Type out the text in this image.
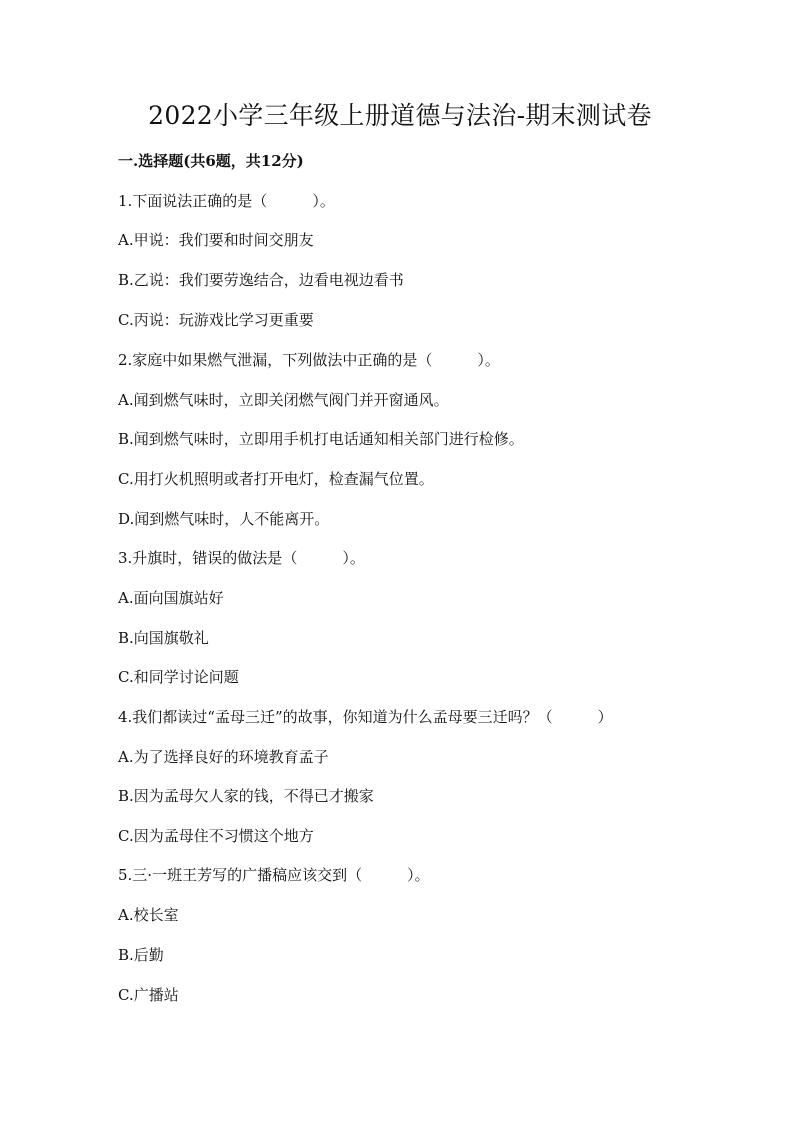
2022小学三年级上册道德与法治-期末测试卷
一.选择题(共6题，共12分)
1.下面说法正确的是（　　　）。
A.甲说：我们要和时间交朋友
B.乙说：我们要劳逸结合，边看电视边看书
C.丙说：玩游戏比学习更重要
2.家庭中如果燃气泄漏，下列做法中正确的是（　　　）。
A.闻到燃气味时，立即关闭燃气阀门并开窗通风。
B.闻到燃气味时，立即用手机打电话通知相关部门进行检修。
C.用打火机照明或者打开电灯，检查漏气位置。
D.闻到燃气味时，人不能离开。
3.升旗时，错误的做法是（　　　）。
A.面向国旗站好
B.向国旗敬礼
C.和同学讨论问题
4.我们都读过“孟母三迁”的故事，你知道为什么孟母要三迁吗？（　　　）
A.为了选择良好的环境教育孟子
B.因为孟母欠人家的钱，不得已才搬家
C.因为孟母住不习惯这个地方
5.三·一班王芳写的广播稿应该交到（　　　）。
A.校长室
B.后勤
C.广播站
